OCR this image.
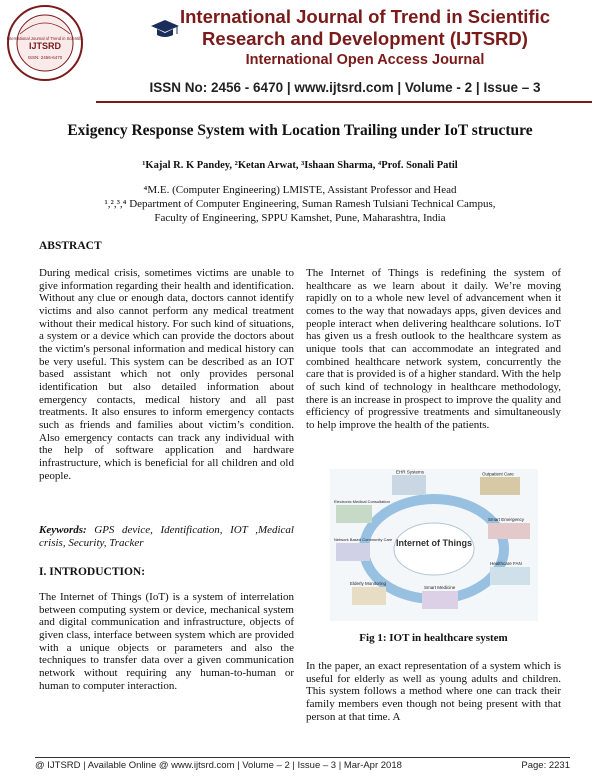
International Journal of Trend in Scientific
IJTSRD
ISSN: 2456-6470
International Journal of Trend in Scientific
Research and Development (IJTSRD)
International Open Access Journal
ISSN No: 2456 - 6470 | www.ijtsrd.com | Volume - 2 | Issue – 3
Exigency Response System with Location Trailing under IoT structure
¹Kajal R. K Pandey, ²Ketan Arwat, ³Ishaan Sharma, ⁴Prof. Sonali Patil
⁴M.E. (Computer Engineering) LMISTE, Assistant Professor and Head
¹,²,³,⁴ Department of Computer Engineering, Suman Ramesh Tulsiani Technical Campus,
Faculty of Engineering, SPPU Kamshet, Pune, Maharashtra, India
ABSTRACT
During medical crisis, sometimes victims are unable to give information regarding their health and identification. Without any clue or enough data, doctors cannot identify victims and also cannot perform any medical treatment without their medical history. For such kind of situations, a system or a device which can provide the doctors about the victim's personal information and medical history can be very useful. This system can be described as an IOT based assistant which not only provides personal identification but also detailed information about emergency contacts, medical history and all past treatments. It also ensures to inform emergency contacts such as friends and families about victim’s condition. Also emergency contacts can track any individual with the help of software application and hardware infrastructure, which is beneficial for all children and old people.
Keywords: GPS device, Identification, IOT ,Medical crisis, Security, Tracker
I. INTRODUCTION:
The Internet of Things (IoT) is a system of interrelation between computing system or device, mechanical system and digital communication and infrastructure, objects of given class, interface between system which are provided with a unique objects or parameters and also the techniques to transfer data over a given communication network without requiring any human-to-human or human to computer interaction.
The Internet of Things is redefining the system of healthcare as we learn about it daily. We’re moving rapidly on to a whole new level of advancement when it comes to the way that nowadays apps, given devices and people interact when delivering healthcare solutions. IoT has given us a fresh outlook to the healthcare system as unique tools that can accommodate an integrated and combined healthcare network system, concurrently the care that is provided is of a higher standard. With the help of such kind of technology in healthcare methodology, there is an increase in prospect to improve the quality and efficiency of progressive treatments and simultaneously to help improve the health of the patients.
Internet of Things
EHR Systems	Outpatient Care
Electronic Medical Consultation
Smart Emergency
Network Based Community Care
Healthcare FAN
Elderly Monitoring
Smart Medicine
Fig 1: IOT in healthcare system
In the paper, an exact representation of a system which is useful for elderly as well as young adults and children. This system follows a method where one can track their family members even though not being present with that person at that time. A
@ IJTSRD | Available Online @ www.ijtsrd.com | Volume – 2 | Issue – 3 | Mar-Apr 2018	Page: 2231
